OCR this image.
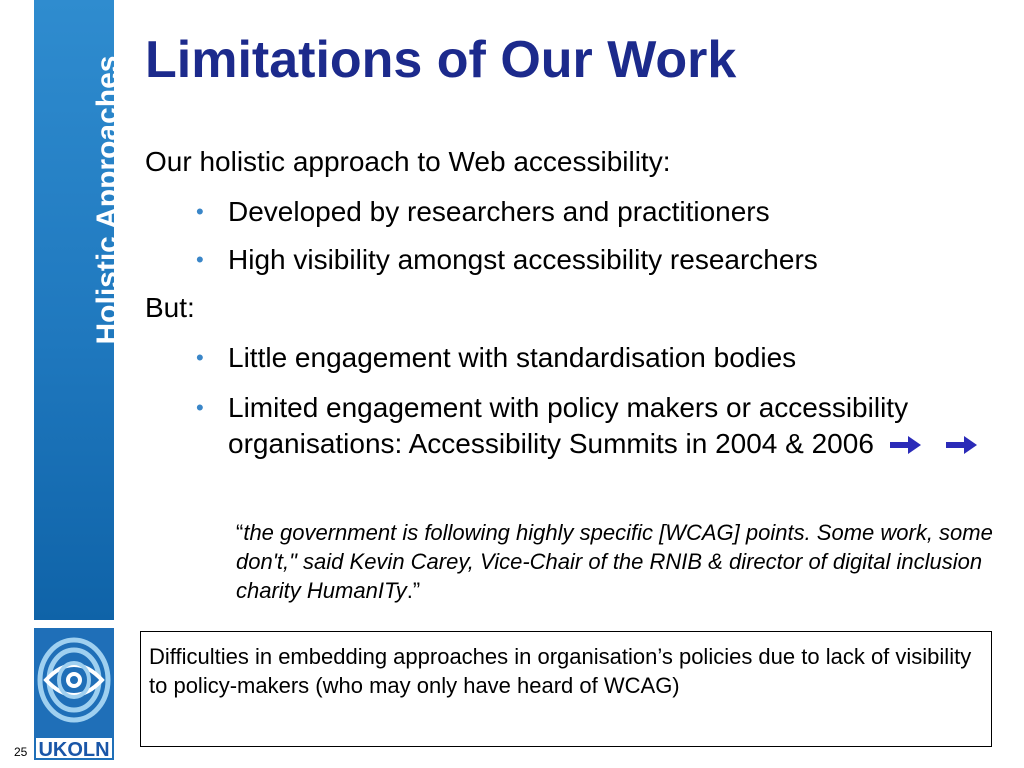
Holistic Approaches
UKOLN
25
Limitations of Our Work
Our holistic approach to Web accessibility:
• Developed by researchers and practitioners
• High visibility amongst accessibility researchers
But:
• Little engagement with standardisation bodies
• Limited engagement with policy makers or accessibility organisations: Accessibility Summits in 2004 & 2006
“the government is following highly specific [WCAG] points. Some work, some don't," said Kevin Carey, Vice-Chair of the RNIB & director of digital inclusion charity HumanITy.”
Difficulties in embedding approaches in organisation’s policies due to lack of visibility to policy-makers (who may only have heard of WCAG)
